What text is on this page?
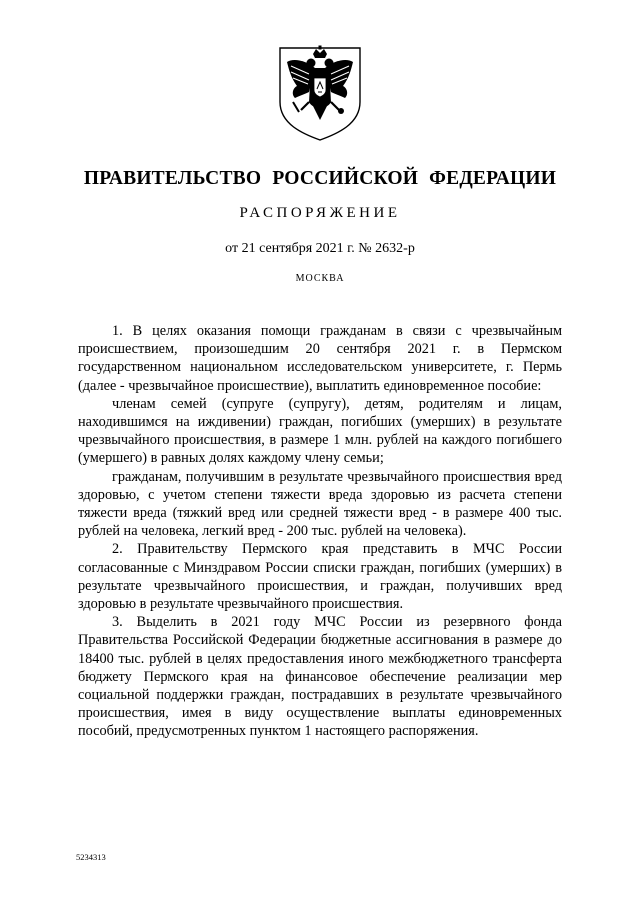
ПРАВИТЕЛЬСТВО РОССИЙСКОЙ ФЕДЕРАЦИИ
РАСПОРЯЖЕНИЕ
от 21 сентября 2021 г. № 2632-р
МОСКВА

1. В целях оказания помощи гражданам в связи с чрезвычайным происшествием, произошедшим 20 сентября 2021 г. в Пермском государственном национальном исследовательском университете, г. Пермь (далее - чрезвычайное происшествие), выплатить единовременное пособие:

членам семей (супруге (супругу), детям, родителям и лицам, находившимся на иждивении) граждан, погибших (умерших) в результате чрезвычайного происшествия, в размере 1 млн. рублей на каждого погибшего (умершего) в равных долях каждому члену семьи;

гражданам, получившим в результате чрезвычайного происшествия вред здоровью, с учетом степени тяжести вреда здоровью из расчета степени тяжести вреда (тяжкий вред или средней тяжести вред - в размере 400 тыс. рублей на человека, легкий вред - 200 тыс. рублей на человека).

2. Правительству Пермского края представить в МЧС России согласованные с Минздравом России списки граждан, погибших (умерших) в результате чрезвычайного происшествия, и граждан, получивших вред здоровью в результате чрезвычайного происшествия.

3. Выделить в 2021 году МЧС России из резервного фонда Правительства Российской Федерации бюджетные ассигнования в размере до 18400 тыс. рублей в целях предоставления иного межбюджетного трансферта бюджету Пермского края на финансовое обеспечение реализации мер социальной поддержки граждан, пострадавших в результате чрезвычайного происшествия, имея в виду осуществление выплаты единовременных пособий, предусмотренных пунктом 1 настоящего распоряжения.

5234313
